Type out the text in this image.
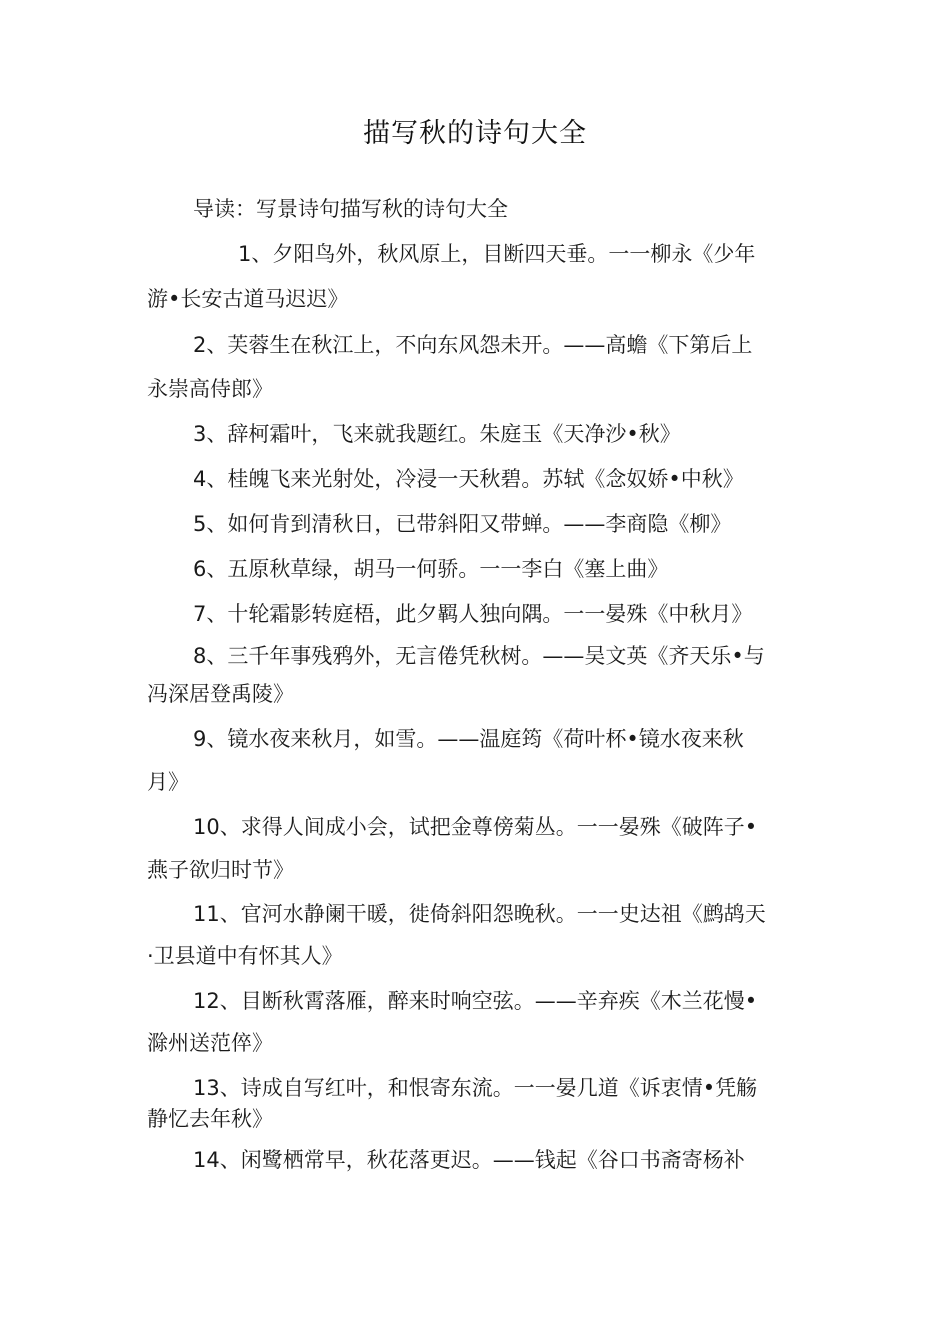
描写秋的诗句大全
导读：写景诗句描写秋的诗句大全
1、夕阳鸟外，秋风原上，目断四天垂。一一柳永《少年
游•长安古道马迟迟》
2、芙蓉生在秋江上，不向东风怨未开。——高蟾《下第后上
永崇高侍郎》
3、辞柯霜叶，飞来就我题红。朱庭玉《天净沙•秋》
4、桂魄飞来光射处，冷浸一天秋碧。苏轼《念奴娇•中秋》
5、如何肯到清秋日，已带斜阳又带蝉。——李商隐《柳》
6、五原秋草绿，胡马一何骄。一一李白《塞上曲》
7、十轮霜影转庭梧，此夕羁人独向隅。一一晏殊《中秋月》
8、三千年事残鸦外，无言倦凭秋树。——吴文英《齐天乐•与
冯深居登禹陵》
9、镜水夜来秋月，如雪。——温庭筠《荷叶杯•镜水夜来秋
月》
10、求得人间成小会，试把金尊傍菊丛。一一晏殊《破阵子•
燕子欲归时节》
11、官河水静阑干暖，徙倚斜阳怨晚秋。一一史达祖《鹧鸪天
·卫县道中有怀其人》
12、目断秋霄落雁，醉来时响空弦。——辛弃疾《木兰花慢•
滁州送范倅》
13、诗成自写红叶，和恨寄东流。一一晏几道《诉衷情•凭觞
静忆去年秋》
14、闲鹭栖常早，秋花落更迟。——钱起《谷口书斋寄杨补
